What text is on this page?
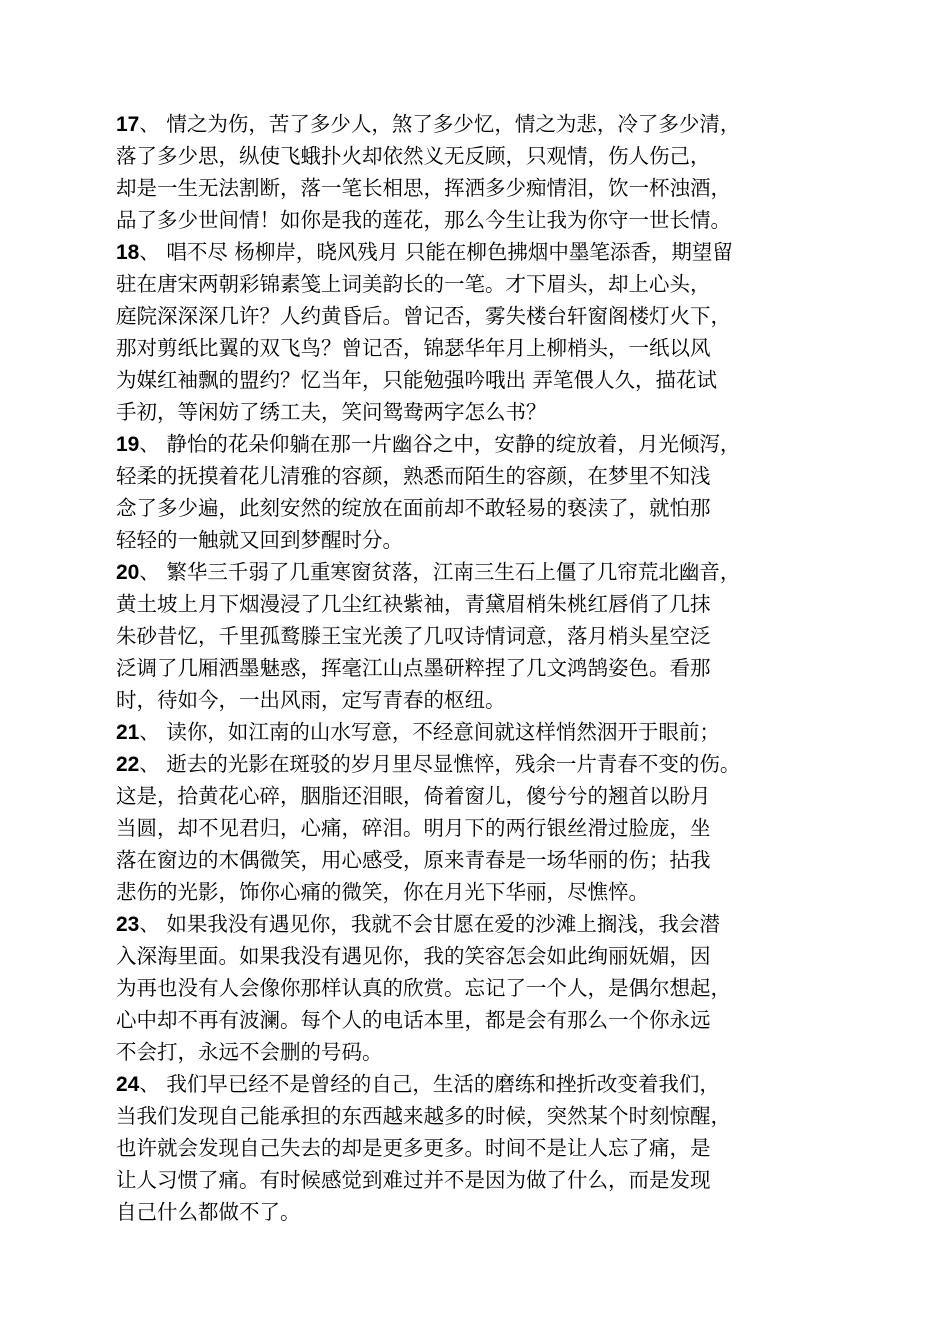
17、 情之为伤，苦了多少人，煞了多少忆，情之为悲，冷了多少清，
落了多少思，纵使飞蛾扑火却依然义无反顾，只观情，伤人伤己，
却是一生无法割断，落一笔长相思，挥洒多少痴情泪，饮一杯浊酒，
品了多少世间情！如你是我的莲花，那么今生让我为你守一世长情。
18、 唱不尽 杨柳岸，晓风残月 只能在柳色拂烟中墨笔添香，期望留
驻在唐宋两朝彩锦素笺上词美韵长的一笔。才下眉头，却上心头，
庭院深深深几许？人约黄昏后。曾记否，雾失楼台轩窗阁楼灯火下，
那对剪纸比翼的双飞鸟？曾记否，锦瑟华年月上柳梢头，一纸以风
为媒红袖飘的盟约？忆当年，只能勉强吟哦出 弄笔偎人久，描花试
手初，等闲妨了绣工夫，笑问鸳鸯两字怎么书？
19、 静怡的花朵仰躺在那一片幽谷之中，安静的绽放着，月光倾泻，
轻柔的抚摸着花儿清雅的容颜，熟悉而陌生的容颜，在梦里不知浅
念了多少遍，此刻安然的绽放在面前却不敢轻易的亵渎了，就怕那
轻轻的一触就又回到梦醒时分。
20、 繁华三千弱了几重寒窗贫落，江南三生石上僵了几帘荒北幽音，
黄土坡上月下烟漫浸了几尘红袂紫袖，青黛眉梢朱桃红唇俏了几抹
朱砂昔忆，千里孤鹜滕王宝光羡了几叹诗情词意，落月梢头星空泛
泛调了几厢洒墨魅惑，挥毫江山点墨研粹捏了几文鸿鹄姿色。看那
时，待如今，一出风雨，定写青春的枢纽。
21、 读你，如江南的山水写意，不经意间就这样悄然洇开于眼前；
22、 逝去的光影在斑驳的岁月里尽显憔悴，残余一片青春不变的伤。
这是，拾黄花心碎，胭脂还泪眼，倚着窗儿，傻兮兮的翘首以盼月
当圆，却不见君归，心痛，碎泪。明月下的两行银丝滑过脸庞，坐
落在窗边的木偶微笑，用心感受，原来青春是一场华丽的伤；拈我
悲伤的光影，饰你心痛的微笑，你在月光下华丽，尽憔悴。
23、 如果我没有遇见你，我就不会甘愿在爱的沙滩上搁浅，我会潜
入深海里面。如果我没有遇见你，我的笑容怎会如此绚丽妩媚，因
为再也没有人会像你那样认真的欣赏。忘记了一个人，是偶尔想起，
心中却不再有波澜。每个人的电话本里，都是会有那么一个你永远
不会打，永远不会删的号码。
24、 我们早已经不是曾经的自己，生活的磨练和挫折改变着我们，
当我们发现自己能承担的东西越来越多的时候，突然某个时刻惊醒，
也许就会发现自己失去的却是更多更多。时间不是让人忘了痛，是
让人习惯了痛。有时候感觉到难过并不是因为做了什么，而是发现
自己什么都做不了。
